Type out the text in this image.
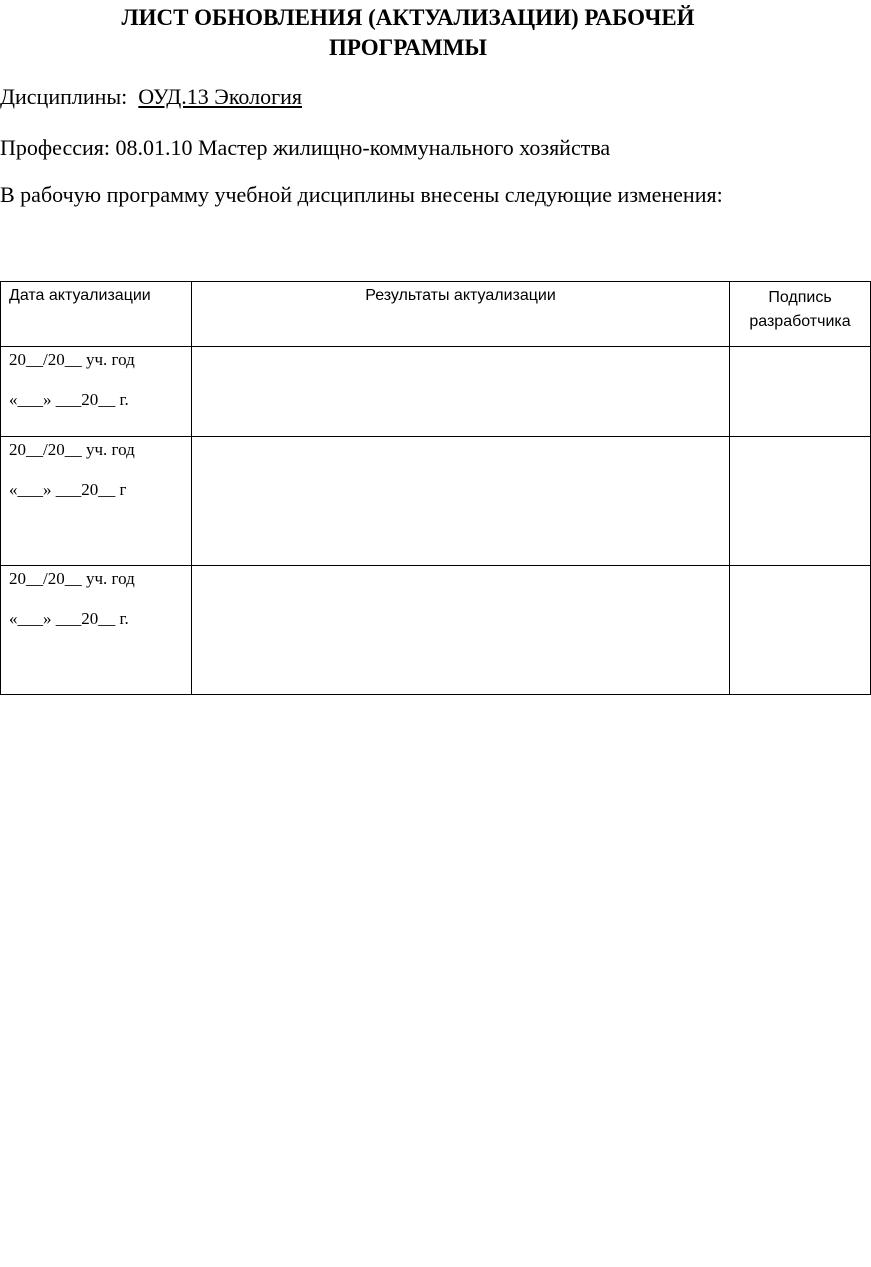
ЛИСТ ОБНОВЛЕНИЯ (АКТУАЛИЗАЦИИ) РАБОЧЕЙ
ПРОГРАММЫ

Дисциплины: ОУД.13 Экология

Профессия: 08.01.10 Мастер жилищно-коммунального хозяйства

В рабочую программу учебной дисциплины внесены следующие изменения:

Дата актуализации	Результаты актуализации	Подпись
разработчика

20__/20__ уч. год
«___» ___20__ г.		

20__/20__ уч. год
«___» ___20__ г		

20__/20__ уч. год
«___» ___20__ г.		
